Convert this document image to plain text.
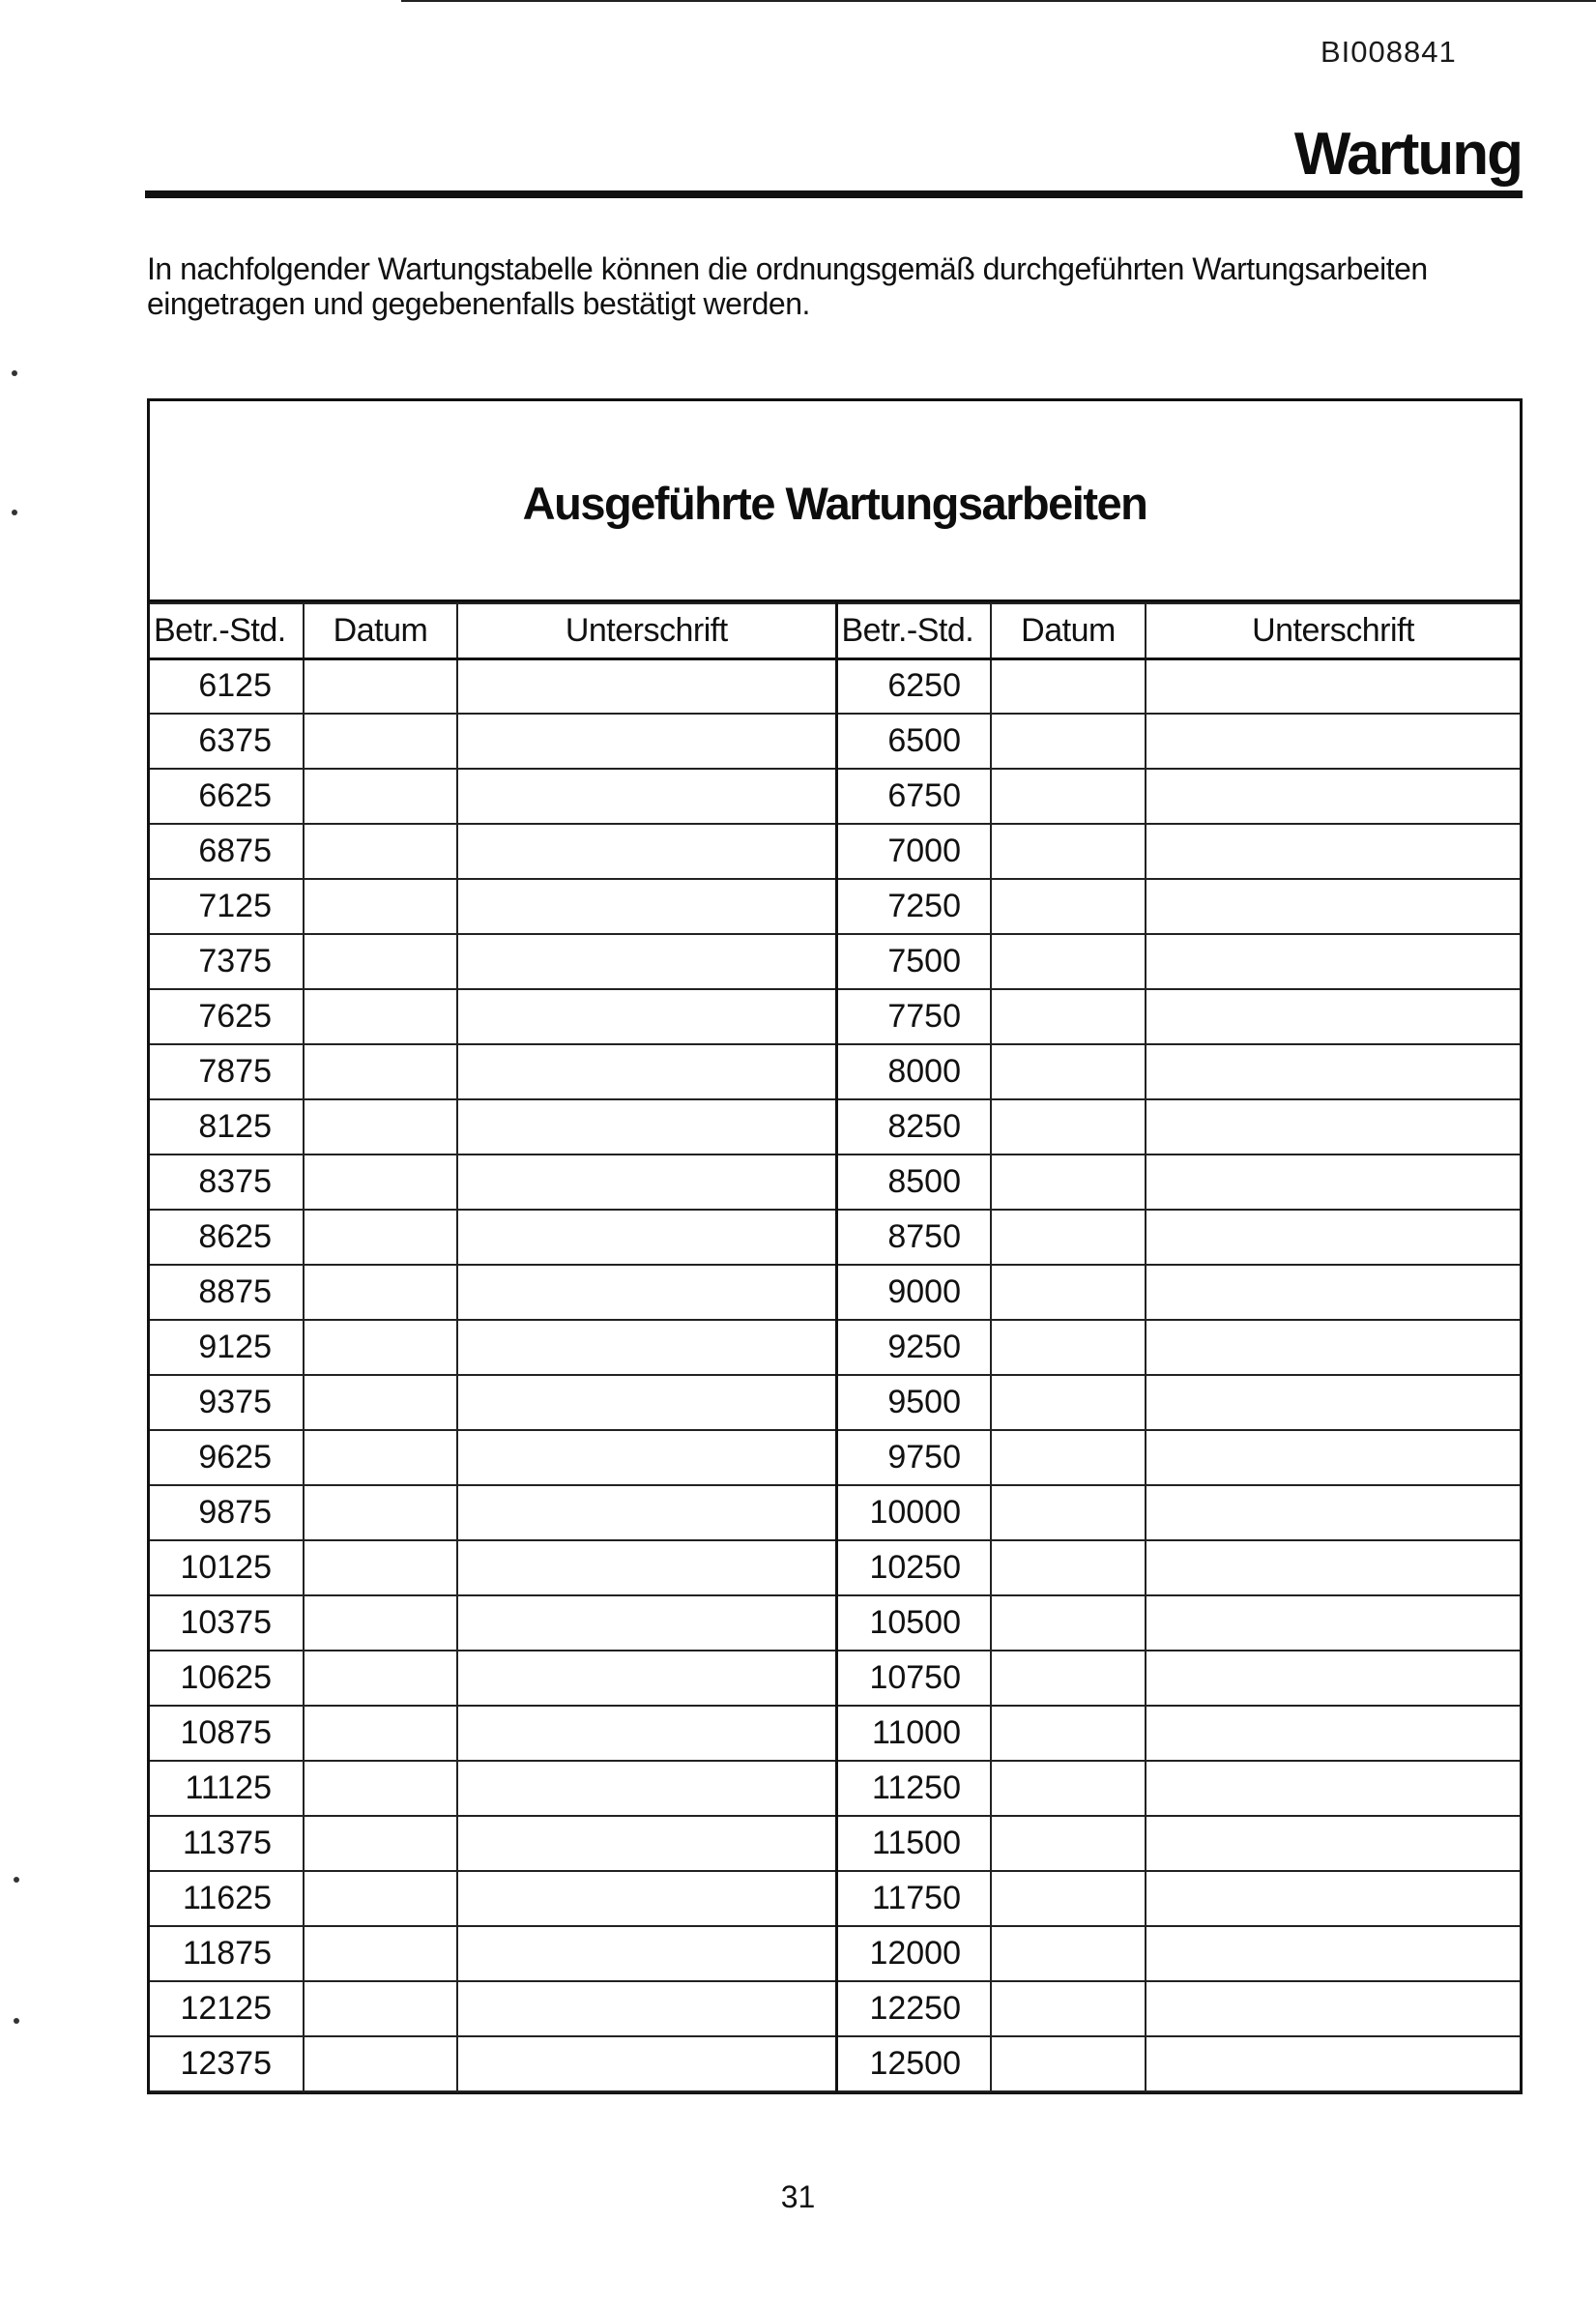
BI008841
Wartung
In nachfolgender Wartungstabelle können die ordnungsgemäß durchgeführten Wartungsarbeiten eingetragen und gegebenenfalls bestätigt werden.
Ausgeführte Wartungsarbeiten
Betr.-Std.	Datum	Unterschrift	Betr.-Std.	Datum	Unterschrift
6125			6250		
6375			6500		
6625			6750		
6875			7000		
7125			7250		
7375			7500		
7625			7750		
7875			8000		
8125			8250		
8375			8500		
8625			8750		
8875			9000		
9125			9250		
9375			9500		
9625			9750		
9875			10000		
10125			10250		
10375			10500		
10625			10750		
10875			11000		
11125			11250		
11375			11500		
11625			11750		
11875			12000		
12125			12250		
12375			12500		
31
